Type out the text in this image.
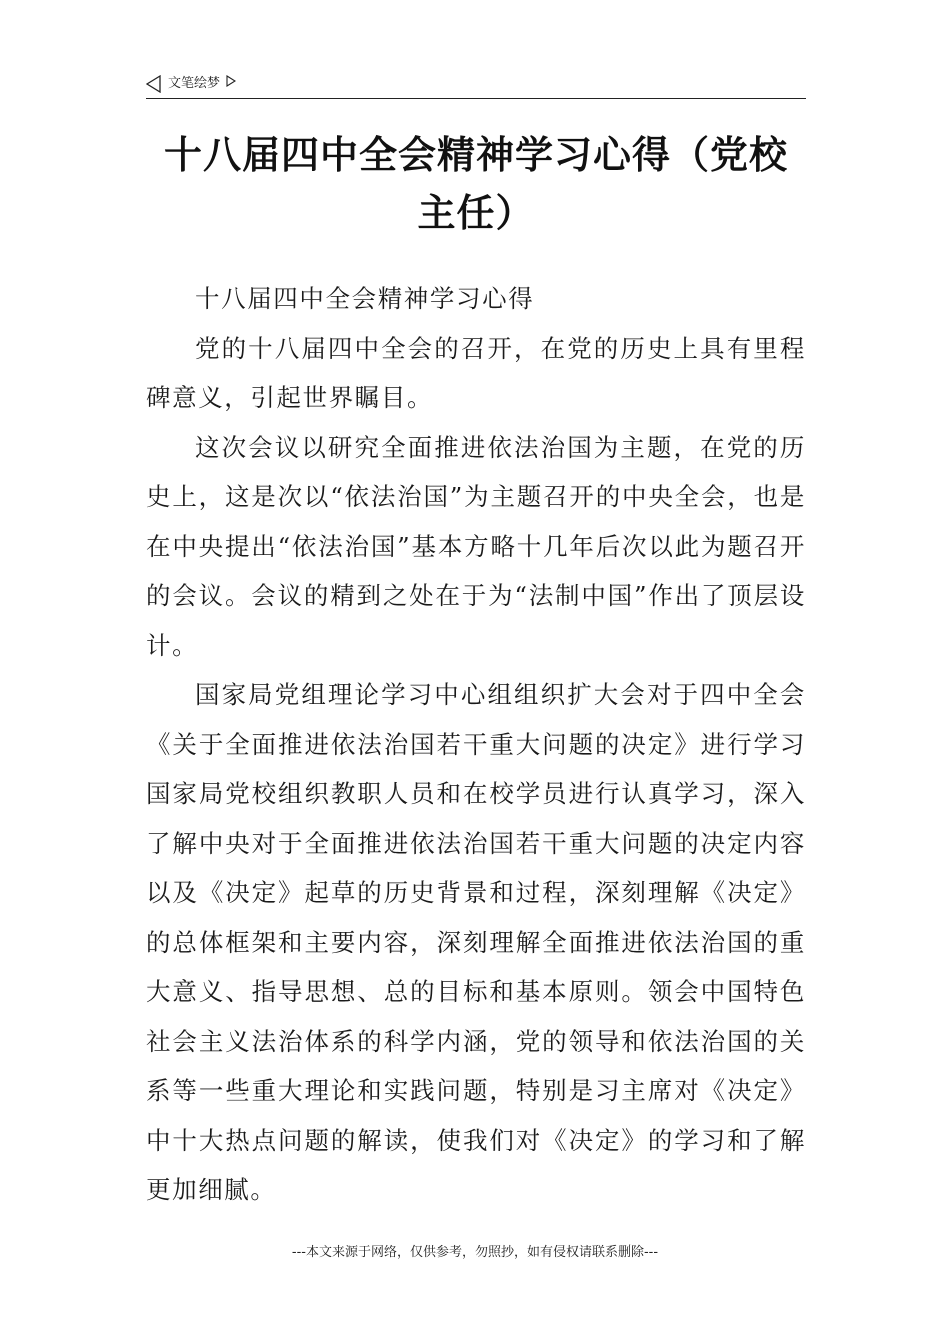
文笔绘梦
十八届四中全会精神学习心得（党校主任）

十八届四中全会精神学习心得

党的十八届四中全会的召开，在党的历史上具有里程碑意义，引起世界瞩目。

这次会议以研究全面推进依法治国为主题，在党的历史上，这是次以“依法治国”为主题召开的中央全会，也是在中央提出“依法治国”基本方略十几年后次以此为题召开的会议。会议的精到之处在于为“法制中国”作出了顶层设计。

国家局党组理论学习中心组组织扩大会对于四中全会《关于全面推进依法治国若干重大问题的决定》进行学习国家局党校组织教职人员和在校学员进行认真学习，深入了解中央对于全面推进依法治国若干重大问题的决定内容以及《决定》起草的历史背景和过程，深刻理解《决定》的总体框架和主要内容，深刻理解全面推进依法治国的重大意义、指导思想、总的目标和基本原则。领会中国特色社会主义法治体系的科学内涵，党的领导和依法治国的关系等一些重大理论和实践问题，特别是习主席对《决定》中十大热点问题的解读，使我们对《决定》的学习和了解更加细腻。

---本文来源于网络，仅供参考，勿照抄，如有侵权请联系删除---
